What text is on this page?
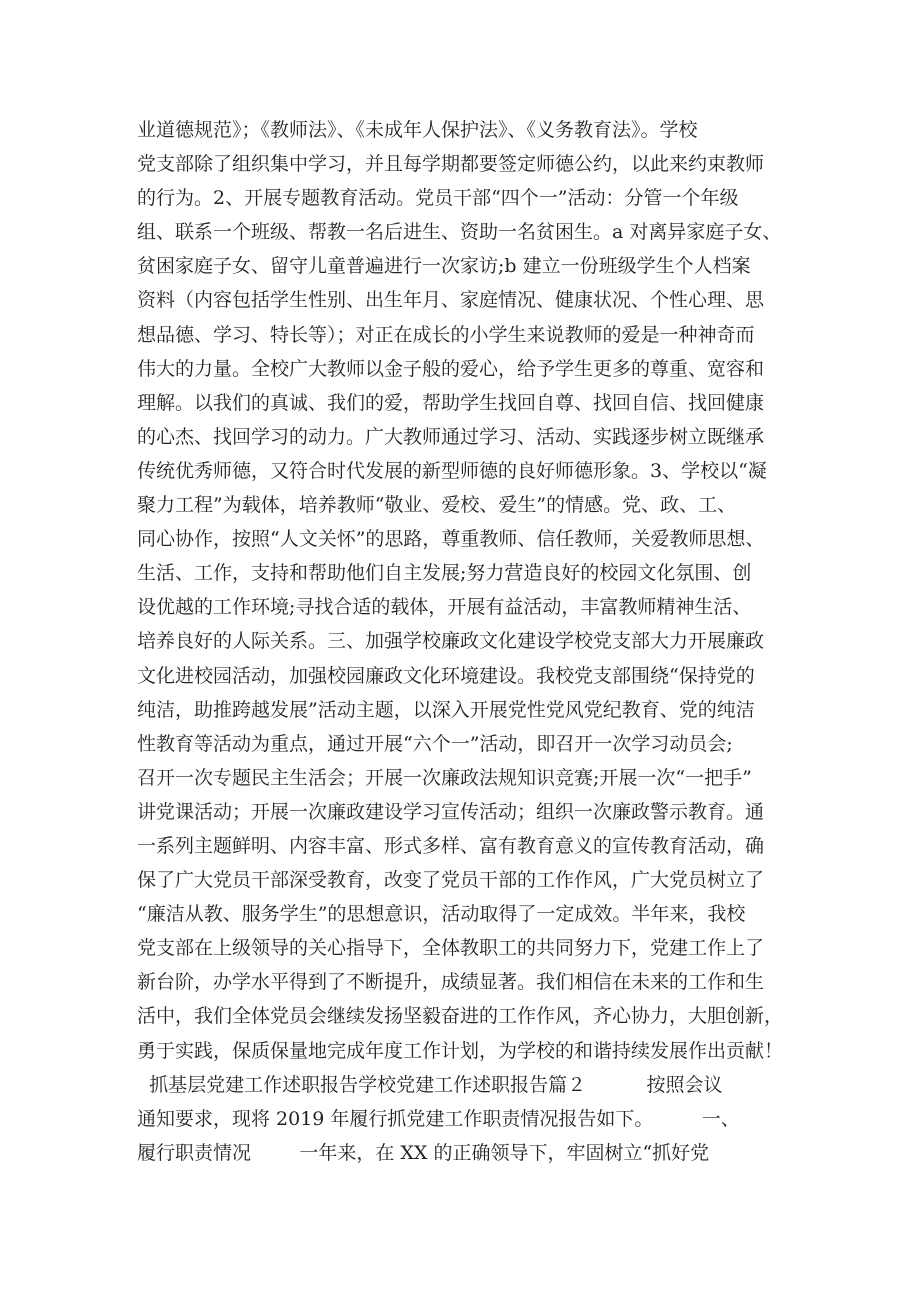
业道德规范》；《教师法》、《未成年人保护法》、《义务教育法》。学校
党支部除了组织集中学习，并且每学期都要签定师德公约，以此来约束教师
的行为。2、开展专题教育活动。党员干部“四个一”活动：分管一个年级
组、联系一个班级、帮教一名后进生、资助一名贫困生。a 对离异家庭子女、
贫困家庭子女、留守儿童普遍进行一次家访;b 建立一份班级学生个人档案
资料（内容包括学生性别、出生年月、家庭情况、健康状况、个性心理、思
想品德、学习、特长等）；对正在成长的小学生来说教师的爱是一种神奇而
伟大的力量。全校广大教师以金子般的爱心，给予学生更多的尊重、宽容和
理解。以我们的真诚、我们的爱，帮助学生找回自尊、找回自信、找回健康
的心杰、找回学习的动力。广大教师通过学习、活动、实践逐步树立既继承
传统优秀师德，又符合时代发展的新型师德的良好师德形象。3、学校以“凝
聚力工程”为载体，培养教师“敬业、爱校、爱生”的情感。党、政、工、
同心协作，按照“人文关怀”的思路，尊重教师、信任教师，关爱教师思想、
生活、工作，支持和帮助他们自主发展;努力营造良好的校园文化氛围、创
设优越的工作环境;寻找合适的载体，开展有益活动，丰富教师精神生活、
培养良好的人际关系。三、加强学校廉政文化建设学校党支部大力开展廉政
文化进校园活动，加强校园廉政文化环境建设。我校党支部围绕“保持党的
纯洁，助推跨越发展”活动主题，以深入开展党性党风党纪教育、党的纯洁
性教育等活动为重点，通过开展“六个一”活动，即召开一次学习动员会;
召开一次专题民主生活会；开展一次廉政法规知识竞赛;开展一次“一把手”
讲党课活动；开展一次廉政建设学习宣传活动；组织一次廉政警示教育。通
一系列主题鲜明、内容丰富、形式多样、富有教育意义的宣传教育活动，确
保了广大党员干部深受教育，改变了党员干部的工作作风，广大党员树立了
“廉洁从教、服务学生”的思想意识，活动取得了一定成效。半年来，我校
党支部在上级领导的关心指导下，全体教职工的共同努力下，党建工作上了
新台阶，办学水平得到了不断提升，成绩显著。我们相信在未来的工作和生
活中，我们全体党员会继续发扬坚毅奋进的工作作风，齐心协力，大胆创新，
勇于实践，保质保量地完成年度工作计划，为学校的和谐持续发展作出贡献！
抓基层党建工作述职报告学校党建工作述职报告篇２          按照会议
通知要求，现将 2019 年履行抓党建工作职责情况报告如下。        一、
履行职责情况        一年来，在 XX 的正确领导下，牢固树立“抓好党
